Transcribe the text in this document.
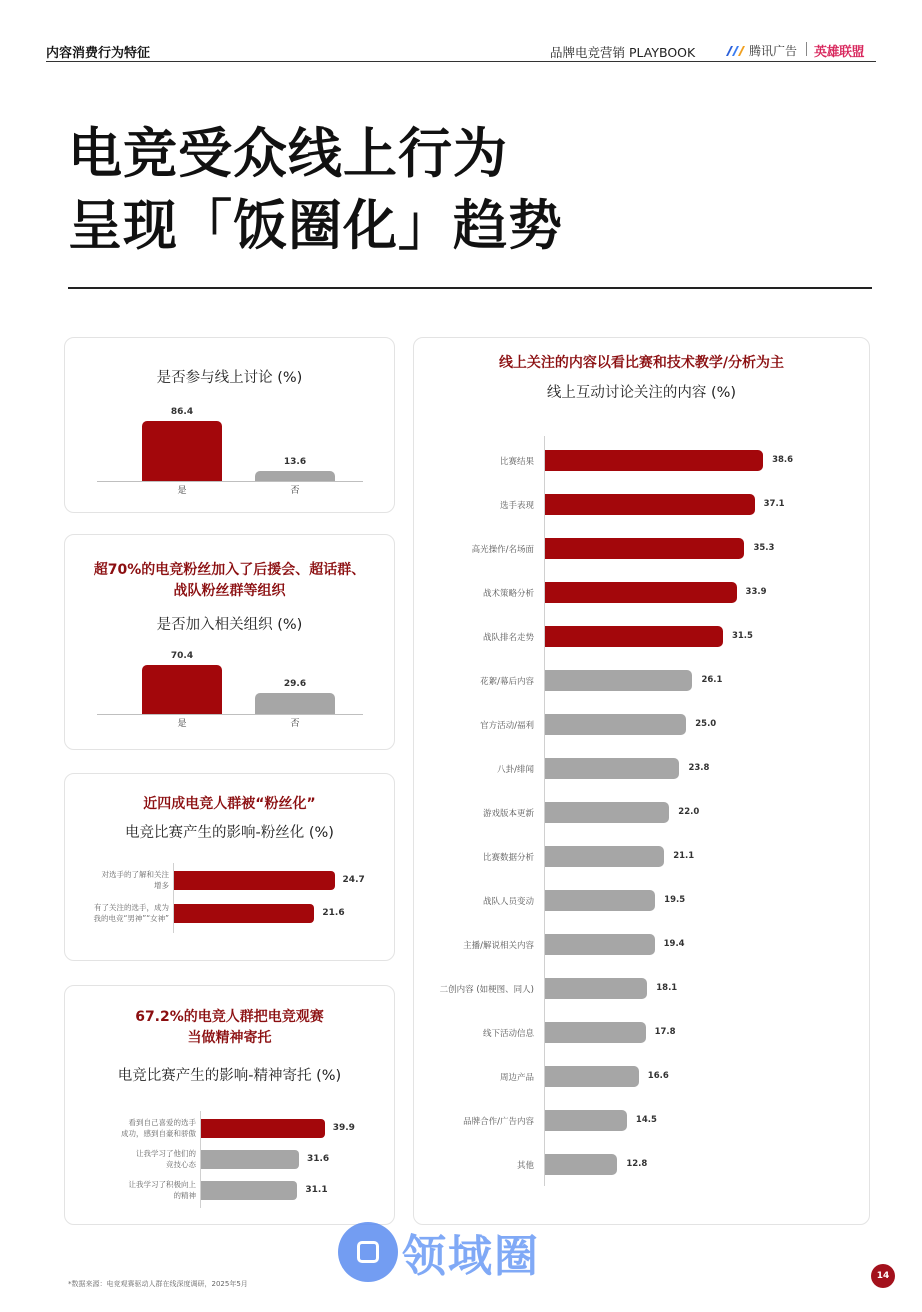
内容消费行为特征	品牌电竞营销 PLAYBOOK	腾讯广告 英雄联盟
电竞受众线上行为
呈现「饭圈化」趋势
是否参与线上讨论 (%)
86.4
是
13.6
否
超70%的电竞粉丝加入了后援会、超话群、
战队粉丝群等组织
是否加入相关组织 (%)
70.4
是
29.6
否
近四成电竞人群被“粉丝化”
电竞比赛产生的影响-粉丝化 (%)
24.7
对选手的了解和关注
增多
21.6
有了关注的选手，成为
我的电竞“男神”“女神”
67.2%的电竞人群把电竞观赛
当做精神寄托
电竞比赛产生的影响-精神寄托 (%)
39.9
看到自己喜爱的选手
成功，感到自豪和骄傲
31.6
让我学习了他们的
竞技心态
31.1
让我学习了积极向上
的精神
线上关注的内容以看比赛和技术教学/分析为主
线上互动讨论关注的内容 (%)
38.6
比赛结果
37.1
选手表现
35.3
高光操作/名场面
33.9
战术策略分析
31.5
战队排名走势
26.1
花絮/幕后内容
25.0
官方活动/福利
23.8
八卦/绯闻
22.0
游戏版本更新
21.1
比赛数据分析
19.5
战队人员变动
19.4
主播/解说相关内容
18.1
二创内容 (如梗图、同人)
17.8
线下活动信息
16.6
周边产品
14.5
品牌合作/广告内容
12.8
其他
领域圈
*数据来源：电竞观赛驱动人群在线深度调研，2025年5月
14
